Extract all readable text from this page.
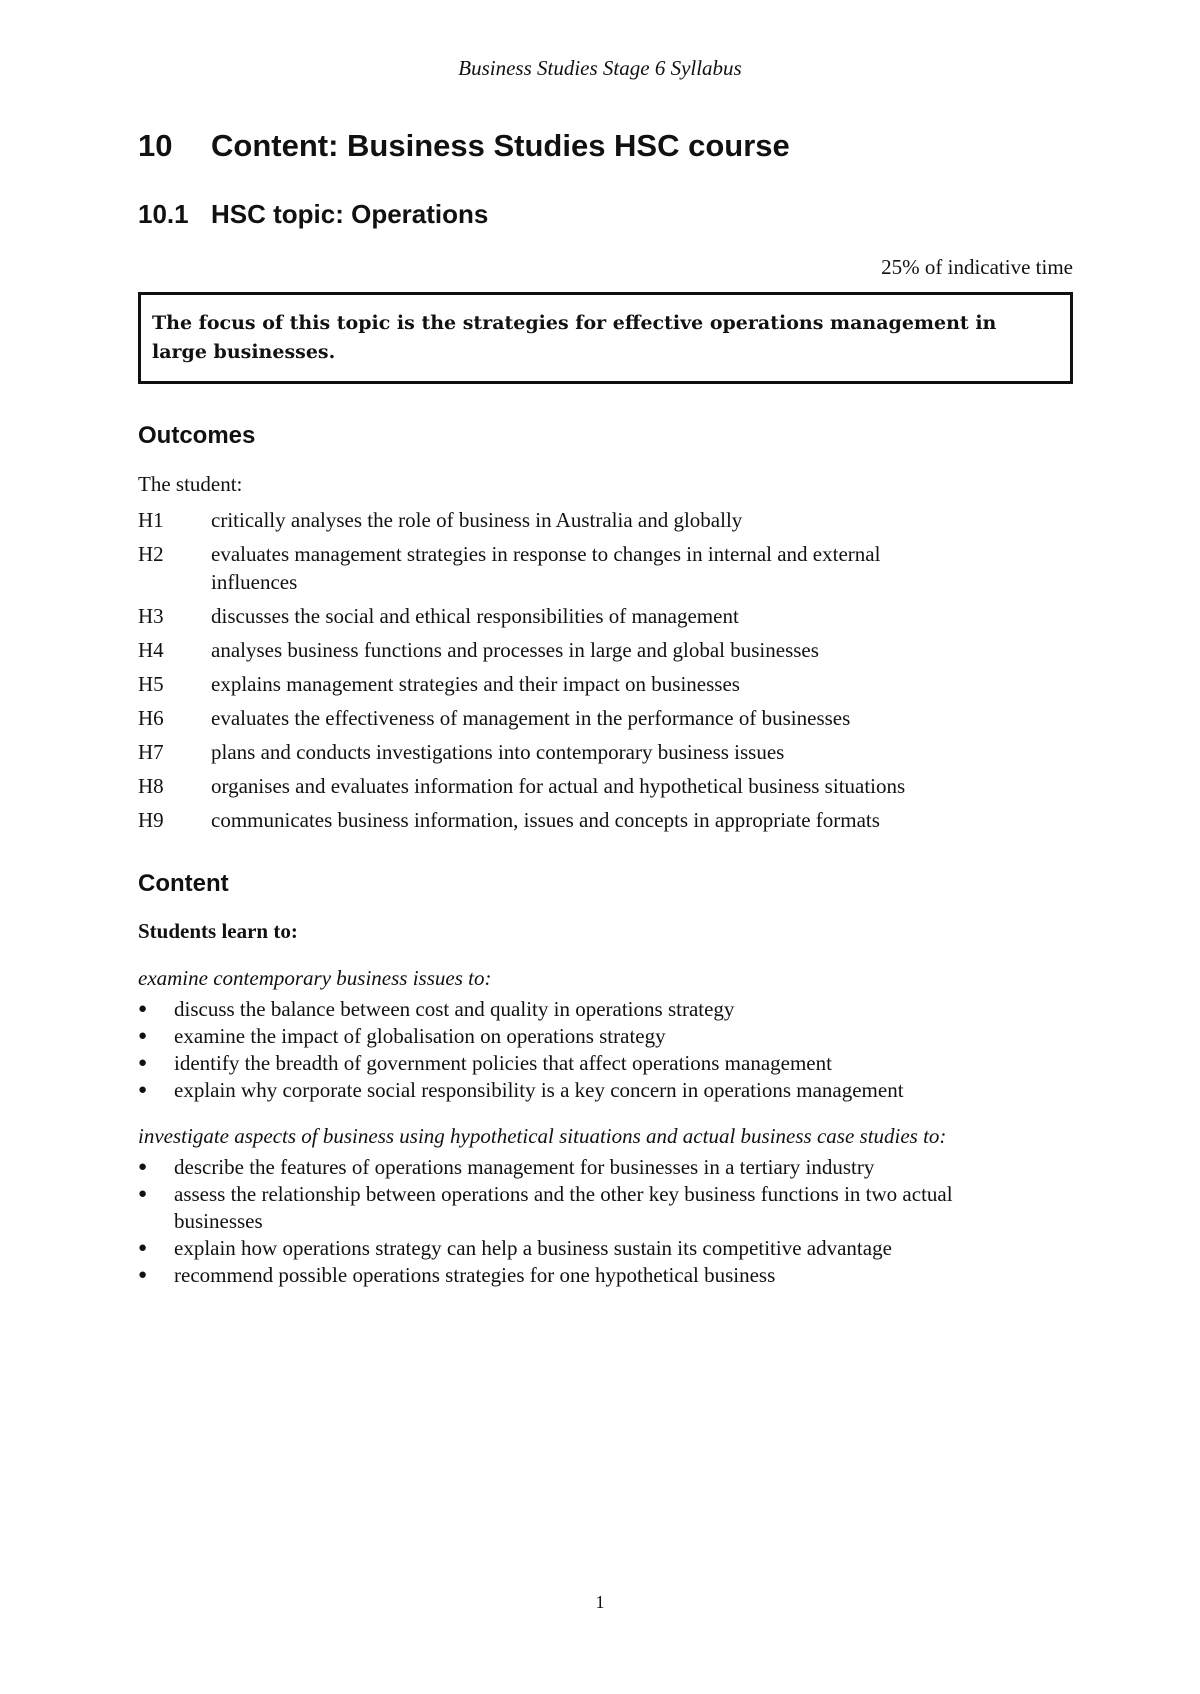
Business Studies Stage 6 Syllabus
10	Content: Business Studies HSC course
10.1 HSC topic: Operations
25% of indicative time
The focus of this topic is the strategies for effective operations management in large businesses.
Outcomes
The student:
H1	critically analyses the role of business in Australia and globally
H2	evaluates management strategies in response to changes in internal and external influences
H3	discusses the social and ethical responsibilities of management
H4	analyses business functions and processes in large and global businesses
H5	explains management strategies and their impact on businesses
H6	evaluates the effectiveness of management in the performance of businesses
H7	plans and conducts investigations into contemporary business issues
H8	organises and evaluates information for actual and hypothetical business situations
H9	communicates business information, issues and concepts in appropriate formats
Content
Students learn to:
examine contemporary business issues to:
●	discuss the balance between cost and quality in operations strategy
●	examine the impact of globalisation on operations strategy
●	identify the breadth of government policies that affect operations management
●	explain why corporate social responsibility is a key concern in operations management
investigate aspects of business using hypothetical situations and actual business case studies to:
●	describe the features of operations management for businesses in a tertiary industry
●	assess the relationship between operations and the other key business functions in two actual businesses
●	explain how operations strategy can help a business sustain its competitive advantage
●	recommend possible operations strategies for one hypothetical business
1
